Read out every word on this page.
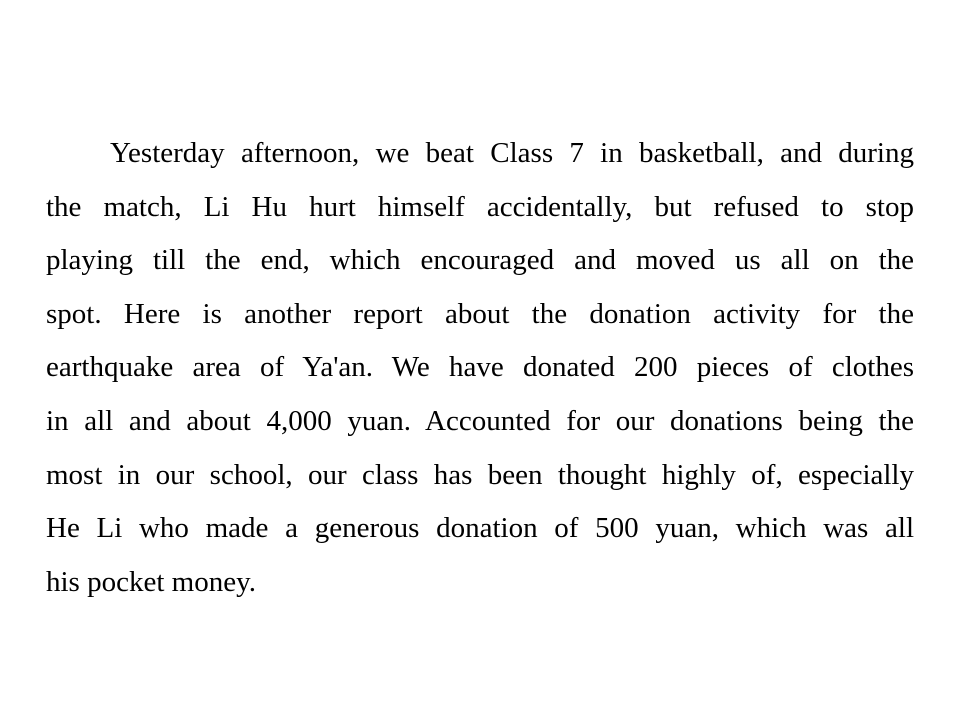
Yesterday afternoon, we beat Class 7 in basketball, and during
the match, Li Hu hurt himself accidentally, but refused to stop
playing till the end, which encouraged and moved us all on the
spot. Here is another report about the donation activity for the
earthquake area of Ya'an. We have donated 200 pieces of clothes
in all and about 4,000 yuan. Accounted for our donations being the
most in our school, our class has been thought highly of, especially
He Li who made a generous donation of 500 yuan, which was all
his pocket money.
